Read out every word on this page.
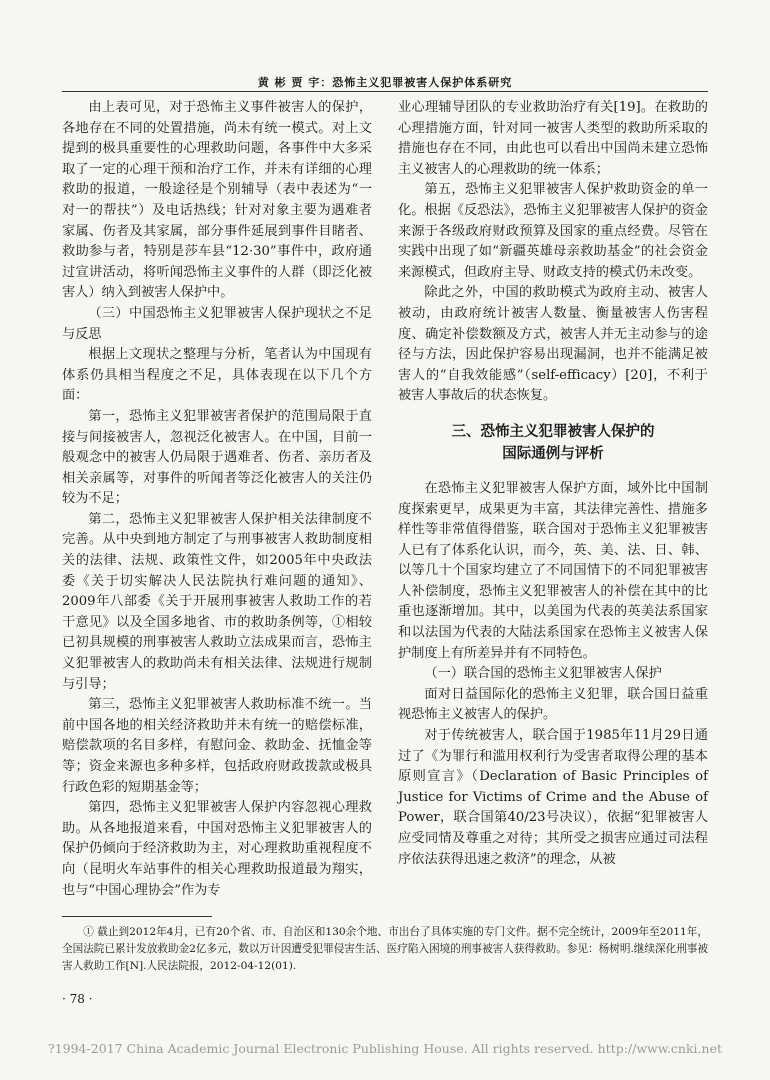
黄 彬 贾 宇：恐怖主义犯罪被害人保护体系研究

由上表可见，对于恐怖主义事件被害人的保护，各地存在不同的处置措施，尚未有统一模式。对上文提到的极具重要性的心理救助问题，各事件中大多采取了一定的心理干预和治疗工作，并未有详细的心理救助的报道，一般途径是个别辅导（表中表述为“一对一的帮扶”）及电话热线；针对对象主要为遇难者家属、伤者及其家属，部分事件延展到事件目睹者、救助参与者，特别是莎车县“12·30”事件中，政府通过宣讲活动，将听闻恐怖主义事件的人群（即泛化被害人）纳入到被害人保护中。

（三）中国恐怖主义犯罪被害人保护现状之不足与反思

根据上文现状之整理与分析，笔者认为中国现有体系仍具相当程度之不足，具体表现在以下几个方面：

第一，恐怖主义犯罪被害者保护的范围局限于直接与间接被害人，忽视泛化被害人。在中国，目前一般观念中的被害人仍局限于遇难者、伤者、亲历者及相关亲属等，对事件的听闻者等泛化被害人的关注仍较为不足；

第二，恐怖主义犯罪被害人保护相关法律制度不完善。从中央到地方制定了与刑事被害人救助制度相关的法律、法规、政策性文件，如2005年中央政法委《关于切实解决人民法院执行难问题的通知》、2009年八部委《关于开展刑事被害人救助工作的若干意见》以及全国多地省、市的救助条例等，①相较已初具规模的刑事被害人救助立法成果而言，恐怖主义犯罪被害人的救助尚未有相关法律、法规进行规制与引导；

第三，恐怖主义犯罪被害人救助标准不统一。当前中国各地的相关经济救助并未有统一的赔偿标准，赔偿款项的名目多样，有慰问金、救助金、抚恤金等等；资金来源也多种多样，包括政府财政拨款或极具行政色彩的短期基金等；

第四，恐怖主义犯罪被害人保护内容忽视心理救助。从各地报道来看，中国对恐怖主义犯罪被害人的保护仍倾向于经济救助为主，对心理救助重视程度不向（昆明火车站事件的相关心理救助报道最为翔实，也与“中国心理协会”作为专

业心理辅导团队的专业救助治疗有关[19]。在救助的心理措施方面，针对同一被害人类型的救助所采取的措施也存在不同，由此也可以看出中国尚未建立恐怖主义被害人的心理救助的统一体系；

第五，恐怖主义犯罪被害人保护救助资金的单一化。根据《反恐法》，恐怖主义犯罪被害人保护的资金来源于各级政府财政预算及国家的重点经费。尽管在实践中出现了如“新疆英雄母亲救助基金”的社会资金来源模式，但政府主导、财政支持的模式仍未改变。

除此之外，中国的救助模式为政府主动、被害人被动，由政府统计被害人数量、衡量被害人伤害程度、确定补偿数额及方式，被害人并无主动参与的途径与方法，因此保护容易出现漏洞，也并不能满足被害人的“自我效能感”（self-efficacy）[20]，不利于被害人事故后的状态恢复。

三、恐怖主义犯罪被害人保护的
国际通例与评析

在恐怖主义犯罪被害人保护方面，域外比中国制度探索更早，成果更为丰富，其法律完善性、措施多样性等非常值得借鉴，联合国对于恐怖主义犯罪被害人已有了体系化认识，而今，英、美、法、日、韩、以等几十个国家均建立了不同国情下的不同犯罪被害人补偿制度，恐怖主义犯罪被害人的补偿在其中的比重也逐渐增加。其中，以美国为代表的英美法系国家和以法国为代表的大陆法系国家在恐怖主义被害人保护制度上有所差异并有不同特色。

（一）联合国的恐怖主义犯罪被害人保护

面对日益国际化的恐怖主义犯罪，联合国日益重视恐怖主义被害人的保护。

对于传统被害人，联合国于1985年11月29日通过了《为罪行和滥用权利行为受害者取得公理的基本原则宣言》（Declaration of Basic Principles of Justice for Victims of Crime and the Abuse of Power，联合国第40/23号决议），依据“犯罪被害人应受同情及尊重之对待；其所受之损害应通过司法程序依法获得迅速之救济”的理念，从被

① 截止到2012年4月，已有20个省、市、自治区和130余个地、市出台了具体实施的专门文件。据不完全统计，2009年至2011年，全国法院已累计发放救助金2亿多元，数以万计因遭受犯罪侵害生活、医疗陷入困境的刑事被害人获得救助。参见：杨树明.继续深化刑事被害人救助工作[N].人民法院报，2012-04-12(01).
· 78 ·
?1994-2017 China Academic Journal Electronic Publishing House. All rights reserved. http://www.cnki.net
